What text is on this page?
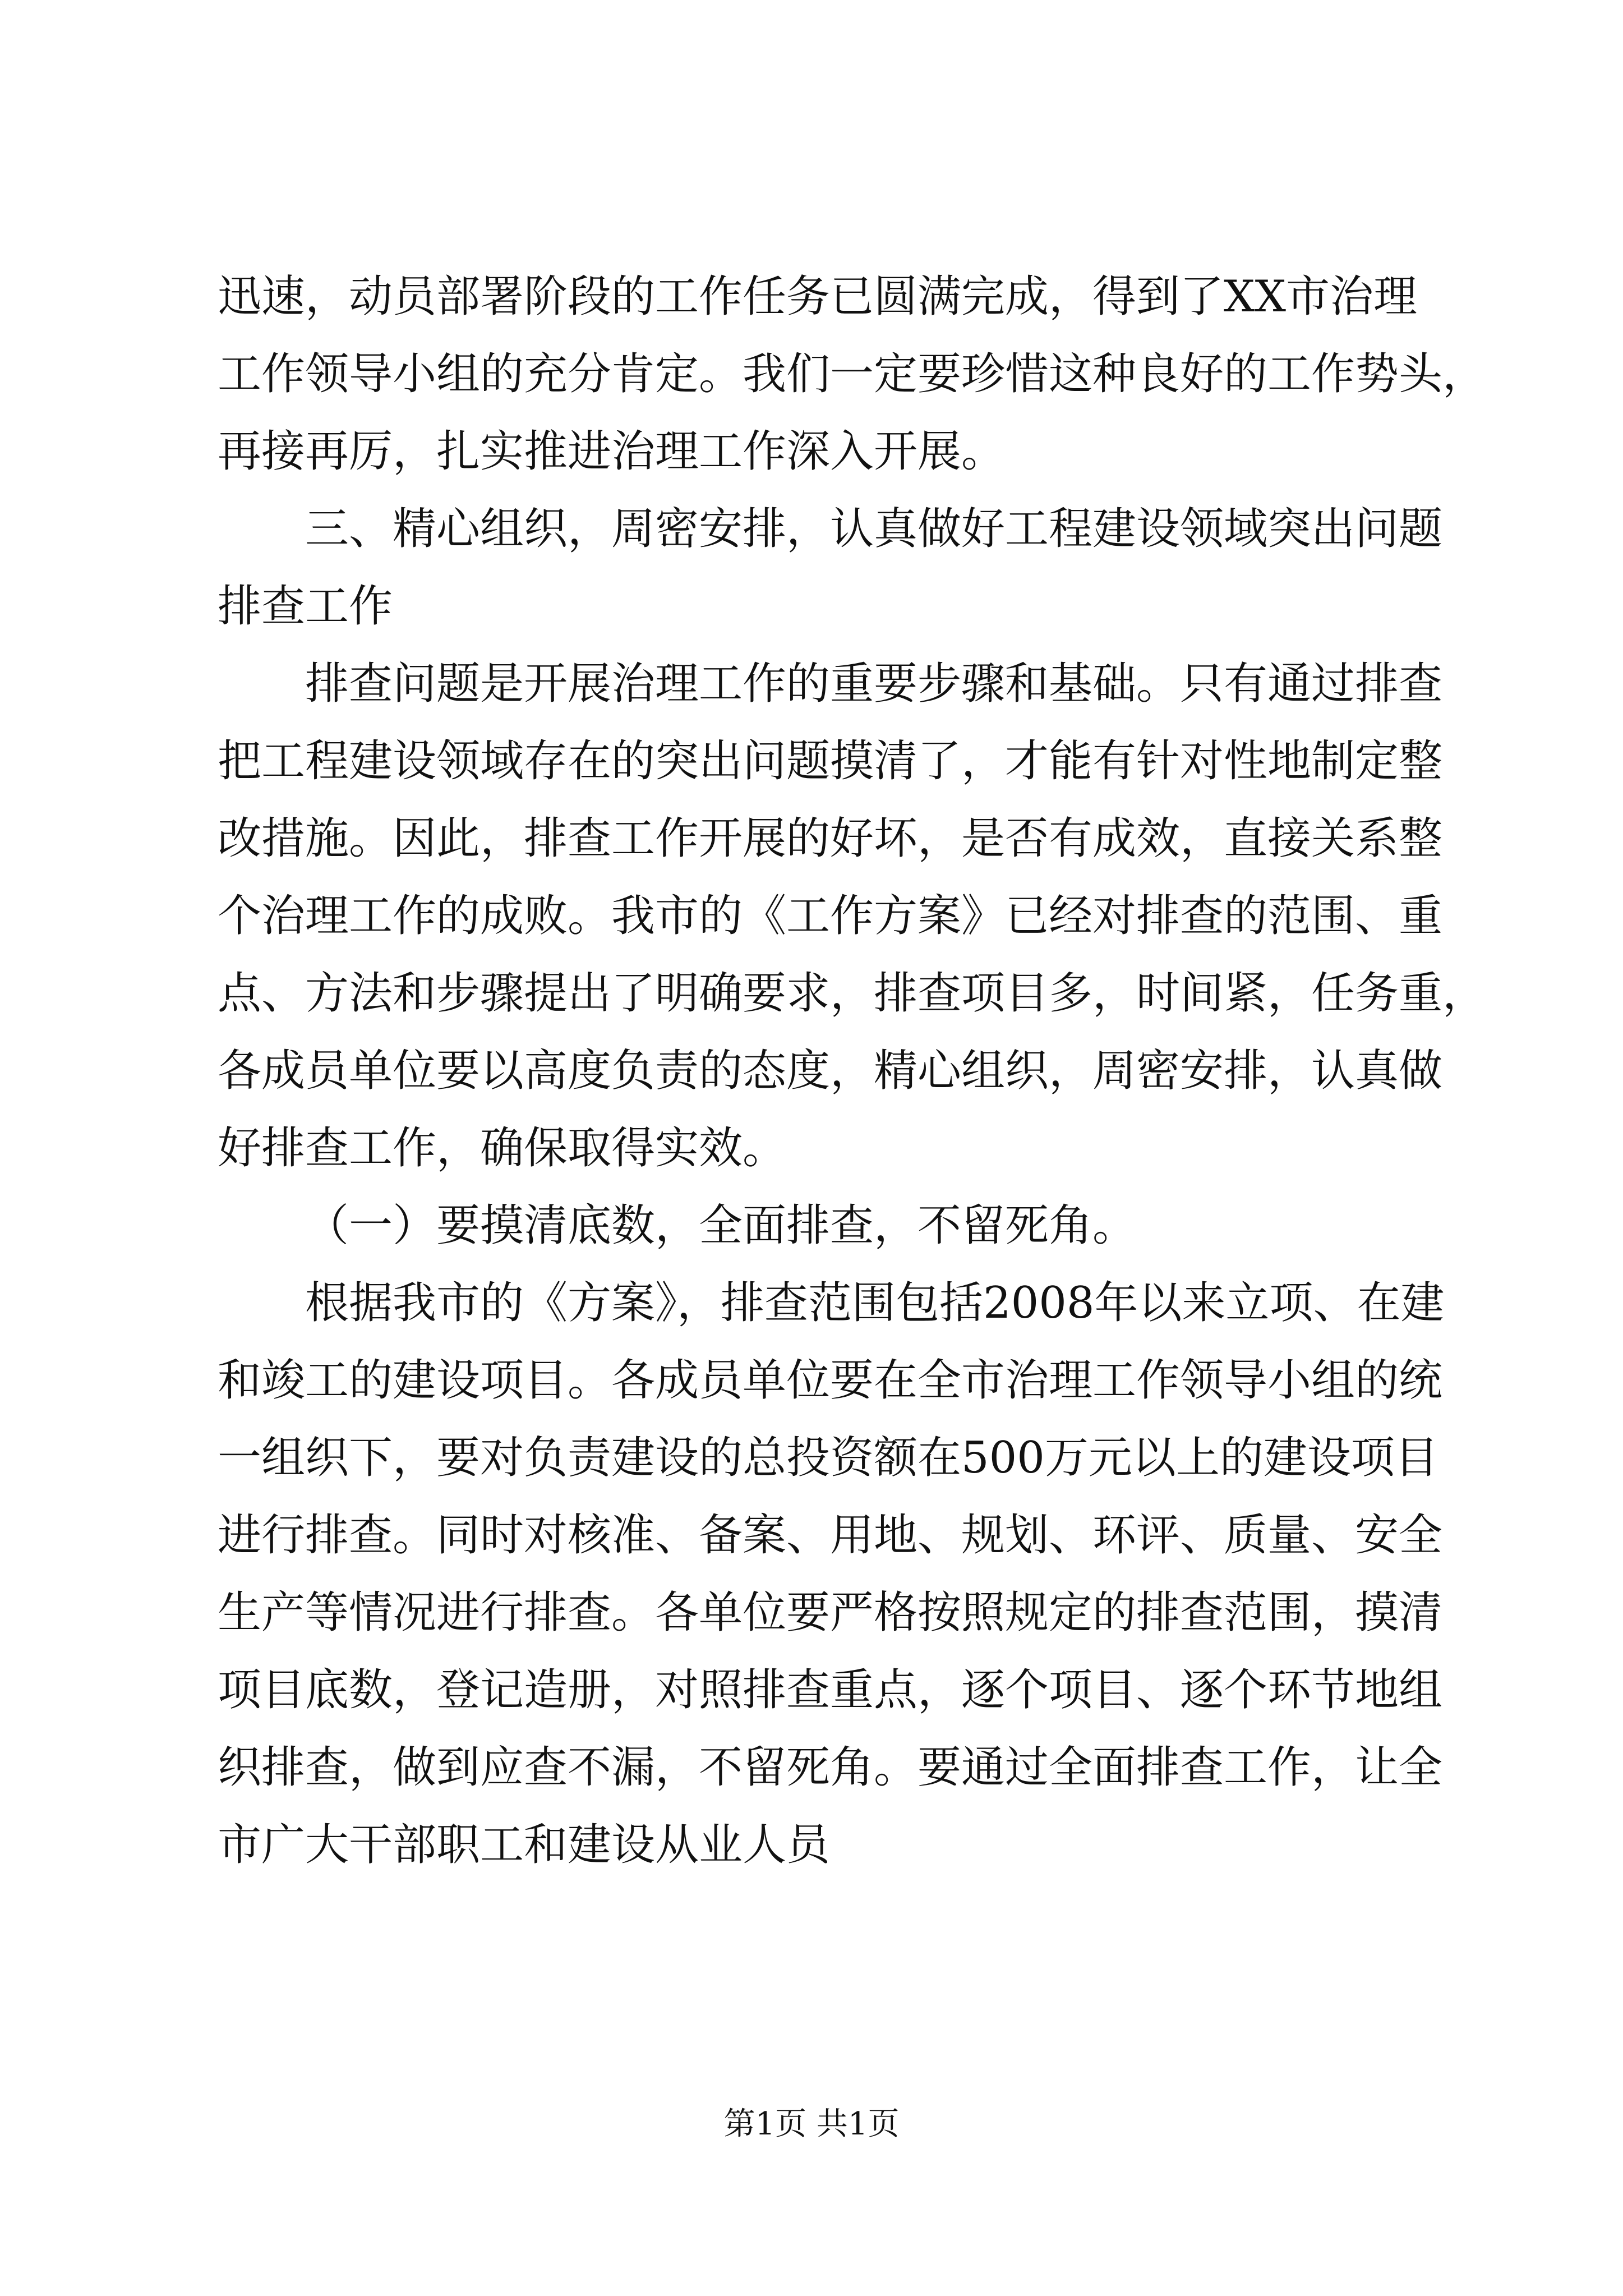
迅速，动员部署阶段的工作任务已圆满完成，得到了XX市治理
工作领导小组的充分肯定。我们一定要珍惜这种良好的工作势头，
再接再厉，扎实推进治理工作深入开展。
三、精心组织，周密安排，认真做好工程建设领域突出问题
排查工作
排查问题是开展治理工作的重要步骤和基础。只有通过排查
把工程建设领域存在的突出问题摸清了，才能有针对性地制定整
改措施。因此，排查工作开展的好坏，是否有成效，直接关系整
个治理工作的成败。我市的《工作方案》已经对排查的范围、重
点、方法和步骤提出了明确要求，排查项目多，时间紧，任务重，
各成员单位要以高度负责的态度，精心组织，周密安排，认真做
好排查工作，确保取得实效。
（一）要摸清底数，全面排查，不留死角。
根据我市的《方案》，排查范围包括2008年以来立项、在建
和竣工的建设项目。各成员单位要在全市治理工作领导小组的统
一组织下，要对负责建设的总投资额在500万元以上的建设项目
进行排查。同时对核准、备案、用地、规划、环评、质量、安全
生产等情况进行排查。各单位要严格按照规定的排查范围，摸清
项目底数，登记造册，对照排查重点，逐个项目、逐个环节地组
织排查，做到应查不漏，不留死角。要通过全面排查工作，让全
市广大干部职工和建设从业人员
第1页 共1页
